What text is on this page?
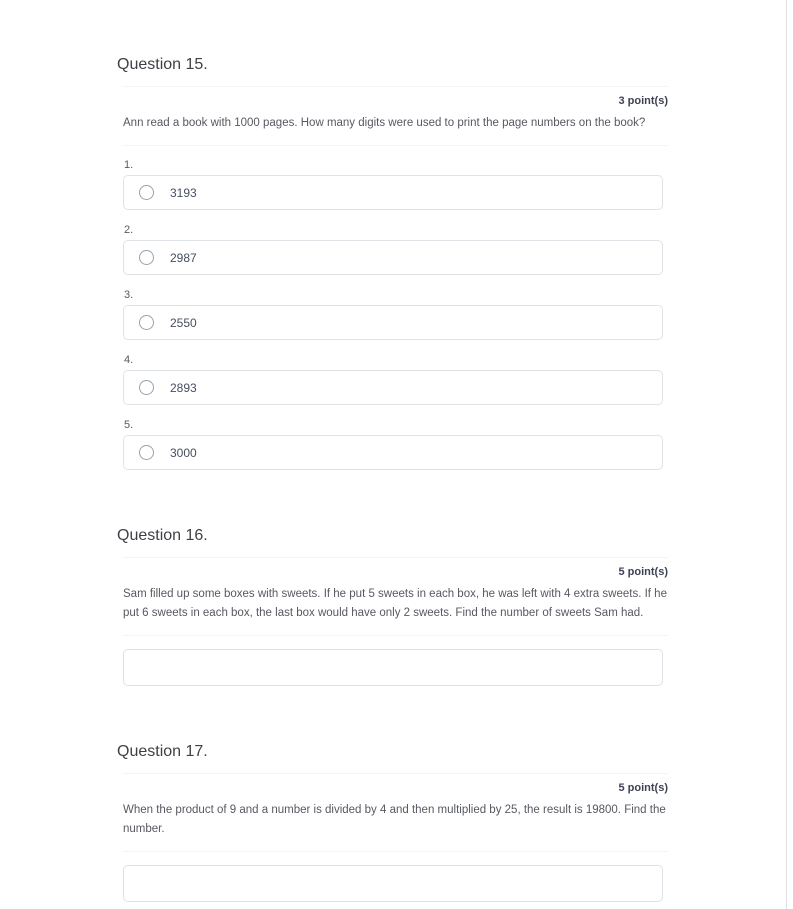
Question 15.
3 point(s)
Ann read a book with 1000 pages. How many digits were used to print the page numbers on the book?
1.
3193
2.
2987
3.
2550
4.
2893
5.
3000
Question 16.
5 point(s)
Sam filled up some boxes with sweets. If he put 5 sweets in each box, he was left with 4 extra sweets. If he put 6 sweets in each box, the last box would have only 2 sweets. Find the number of sweets Sam had.
Question 17.
5 point(s)
When the product of 9 and a number is divided by 4 and then multiplied by 25, the result is 19800. Find the number.
